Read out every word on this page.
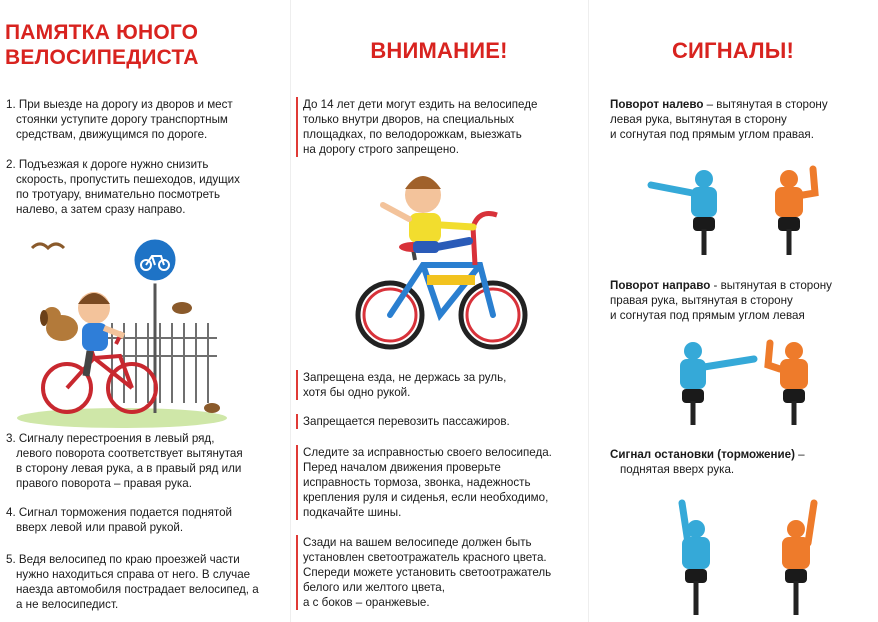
ПАМЯТКА ЮНОГО
ВЕЛОСИПЕДИСТА
1. При выезде на дорогу из дворов и мест
стоянки уступите дорогу транспортным
средствам, движущимся по дороге.
2. Подъезжая к дороге нужно снизить
скорость, пропустить пешеходов, идущих
по тротуару, внимательно посмотреть
налево, а затем сразу направо.
3. Сигналу перестроения в левый ряд,
левого поворота соответствует вытянутая
в сторону левая рука, а в правый ряд или
правого поворота – правая рука.
4. Сигнал торможения подается поднятой
вверх левой или правой рукой.
5. Ведя велосипед по краю проезжей части
нужно находиться справа от него. В случае
наезда автомобиля пострадает велосипед, а
а не велосипедист.
ВНИМАНИЕ!
До 14 лет дети могут ездить на велосипеде
только внутри дворов, на специальных
площадках, по велодорожкам, выезжать
на дорогу строго запрещено.
Запрещена езда, не держась за руль,
хотя бы одно рукой.
Запрещается перевозить пассажиров.
Следите за исправностью своего велосипеда.
Перед началом движения проверьте
исправность тормоза, звонка, надежность
крепления руля и сиденья, если необходимо,
подкачайте шины.
Сзади на вашем велосипеде должен быть
установлен светоотражатель красного цвета.
Спереди можете установить светоотражатель
белого или желтого цвета,
а с боков – оранжевые.
СИГНАЛЫ!
Поворот налево – вытянутая в сторону
левая рука, вытянутая в сторону
и согнутая под прямым углом правая.
Поворот направо - вытянутая в сторону
правая рука, вытянутая в сторону
и согнутая под прямым углом левая
Сигнал остановки (торможение) –
поднятая вверх рука.
